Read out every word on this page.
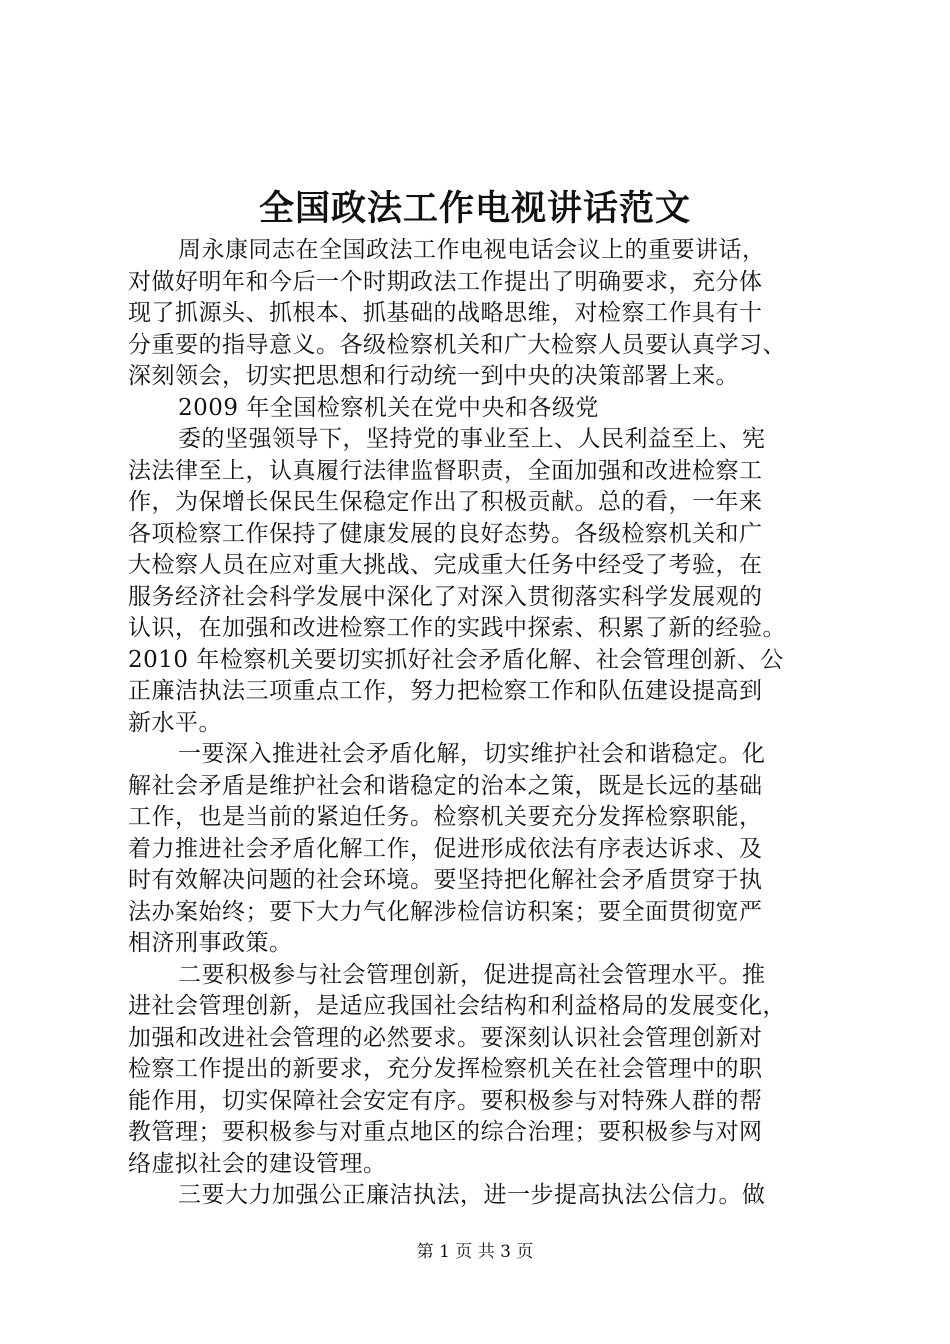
全国政法工作电视讲话范文
周永康同志在全国政法工作电视电话会议上的重要讲话，
对做好明年和今后一个时期政法工作提出了明确要求，充分体
现了抓源头、抓根本、抓基础的战略思维，对检察工作具有十
分重要的指导意义。各级检察机关和广大检察人员要认真学习、
深刻领会，切实把思想和行动统一到中央的决策部署上来。
2009 年全国检察机关在党中央和各级党
委的坚强领导下，坚持党的事业至上、人民利益至上、宪
法法律至上，认真履行法律监督职责，全面加强和改进检察工
作，为保增长保民生保稳定作出了积极贡献。总的看，一年来
各项检察工作保持了健康发展的良好态势。各级检察机关和广
大检察人员在应对重大挑战、完成重大任务中经受了考验，在
服务经济社会科学发展中深化了对深入贯彻落实科学发展观的
认识，在加强和改进检察工作的实践中探索、积累了新的经验。
2010 年检察机关要切实抓好社会矛盾化解、社会管理创新、公
正廉洁执法三项重点工作，努力把检察工作和队伍建设提高到
新水平。
一要深入推进社会矛盾化解，切实维护社会和谐稳定。化
解社会矛盾是维护社会和谐稳定的治本之策，既是长远的基础
工作，也是当前的紧迫任务。检察机关要充分发挥检察职能，
着力推进社会矛盾化解工作，促进形成依法有序表达诉求、及
时有效解决问题的社会环境。要坚持把化解社会矛盾贯穿于执
法办案始终；要下大力气化解涉检信访积案；要全面贯彻宽严
相济刑事政策。
二要积极参与社会管理创新，促进提高社会管理水平。推
进社会管理创新，是适应我国社会结构和利益格局的发展变化，
加强和改进社会管理的必然要求。要深刻认识社会管理创新对
检察工作提出的新要求，充分发挥检察机关在社会管理中的职
能作用，切实保障社会安定有序。要积极参与对特殊人群的帮
教管理；要积极参与对重点地区的综合治理；要积极参与对网
络虚拟社会的建设管理。
三要大力加强公正廉洁执法，进一步提高执法公信力。做
第 1 页 共 3 页
